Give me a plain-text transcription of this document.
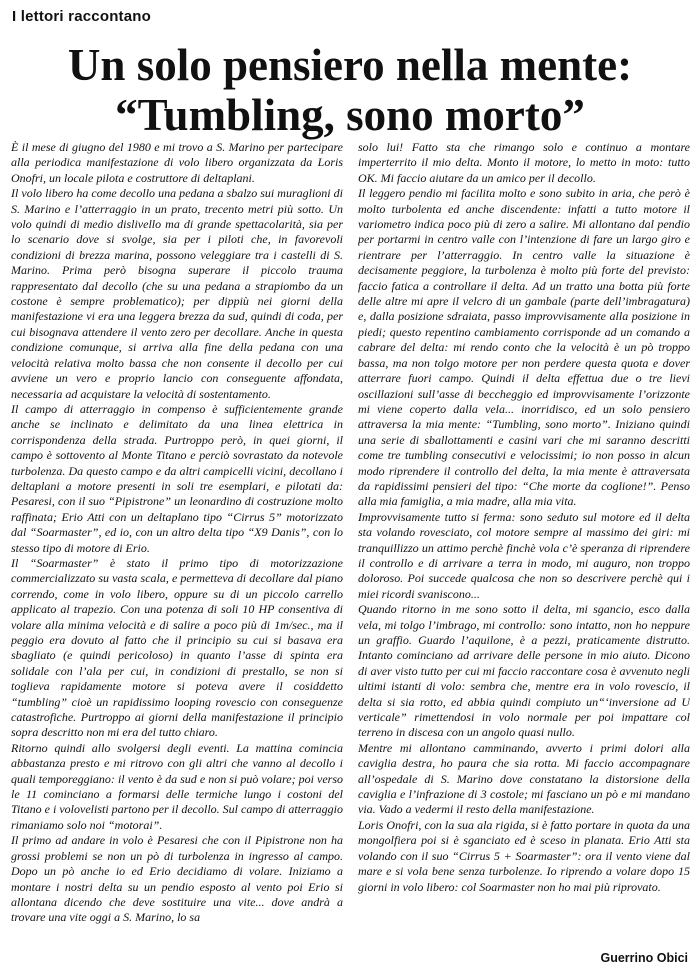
I lettori raccontano
Un solo pensiero nella mente:
“Tumbling, sono morto”

È il mese di giugno del 1980 e mi trovo a S. Marino per partecipare alla periodica manifestazione di volo libero organizzata da Loris Onofri, un locale pilota e costruttore di deltaplani.

Il volo libero ha come decollo una pedana a sbalzo sui muraglioni di S. Marino e l’atterraggio in un prato, trecento metri più sotto. Un volo quindi di medio dislivello ma di grande spettacolarità, sia per lo scenario dove si svolge, sia per i piloti che, in favorevoli condizioni di brezza marina, possono veleggiare tra i castelli di S. Marino. Prima però bisogna superare il piccolo trauma rappresentato dal decollo (che su una pedana a strapiombo da un costone è sempre problematico); per dippiù nei giorni della manifestazione vi era una leggera brezza da sud, quindi di coda, per cui bisognava attendere il vento zero per decollare. Anche in questa condizione comunque, si arriva alla fine della pedana con una velocità relativa molto bassa che non consente il decollo per cui avviene un vero e proprio lancio con conseguente affondata, necessaria ad acquistare la velocità di sostentamento.

Il campo di atterraggio in compenso è sufficientemente grande anche se inclinato e delimitato da una linea elettrica in corrispondenza della strada. Purtroppo però, in quei giorni, il campo è sottovento al Monte Titano e perciò sovrastato da notevole turbolenza. Da questo campo e da altri campicelli vicini, decollano i deltaplani a motore presenti in soli tre esemplari, e pilotati da: Pesaresi, con il suo “Pipistrone” un leonardino di costruzione molto raffinata; Erio Atti con un deltaplano tipo “Cirrus 5” motorizzato dal “Soarmaster”, ed io, con un altro delta tipo “X9 Danis”, con lo stesso tipo di motore di Erio.

Il “Soarmaster” è stato il primo tipo di motorizzazione commercializzato su vasta scala, e permetteva di decollare dal piano correndo, come in volo libero, oppure su di un piccolo carrello applicato al trapezio. Con una potenza di soli 10 HP consentiva di volare alla minima velocità e di salire a poco più di 1m/sec., ma il peggio era dovuto al fatto che il principio su cui si basava era sbagliato (e quindi pericoloso) in quanto l’asse di spinta era solidale con l’ala per cui, in condizioni di prestallo, se non si toglieva rapidamente motore si poteva avere il cosiddetto “tumbling” cioè un rapidissimo looping rovescio con conseguenze catastrofiche. Purtroppo ai giorni della manifestazione il principio sopra descritto non mi era del tutto chiaro.

Ritorno quindi allo svolgersi degli eventi. La mattina comincia abbastanza presto e mi ritrovo con gli altri che vanno al decollo i quali temporeggiano: il vento è da sud e non si può volare; poi verso le 11 cominciano a formarsi delle termiche lungo i costoni del Titano e i volovelisti partono per il decollo. Sul campo di atterraggio rimaniamo solo noi “motorai”.

Il primo ad andare in volo è Pesaresi che con il Pipistrone non ha grossi problemi se non un pò di turbolenza in ingresso al campo. Dopo un pò anche io ed Erio decidiamo di volare. Iniziamo a montare i nostri delta su un pendio esposto al vento poi Erio si allontana dicendo che deve sostituire una vite... dove andrà a trovare una vite oggi a S. Marino, lo sa

solo lui! Fatto sta che rimango solo e continuo a montare imperterrito il mio delta. Monto il motore, lo metto in moto: tutto OK. Mi faccio aiutare da un amico per il decollo.

Il leggero pendio mi facilita molto e sono subito in aria, che però è molto turbolenta ed anche discendente: infatti a tutto motore il variometro indica poco più di zero a salire. Mi allontano dal pendio per portarmi in centro valle con l’intenzione di fare un largo giro e rientrare per l’atterraggio. In centro valle la situazione è decisamente peggiore, la turbolenza è molto più forte del previsto: faccio fatica a controllare il delta. Ad un tratto una botta più forte delle altre mi apre il velcro di un gambale (parte dell’imbragatura) e, dalla posizione sdraiata, passo improvvisamente alla posizione in piedi; questo repentino cambiamento corrisponde ad un comando a cabrare del delta: mi rendo conto che la velocità è un pò troppo bassa, ma non tolgo motore per non perdere questa quota e dover atterrare fuori campo. Quindi il delta effettua due o tre lievi oscillazioni sull’asse di beccheggio ed improvvisamente l’orizzonte mi viene coperto dalla vela... inorridisco, ed un solo pensiero attraversa la mia mente: “Tumbling, sono morto”. Iniziano quindi una serie di sballottamenti e casini vari che mi saranno descritti come tre tumbling consecutivi e velocissimi; io non posso in alcun modo riprendere il controllo del delta, la mia mente è attraversata da rapidissimi pensieri del tipo: “Che morte da coglione!”. Penso alla mia famiglia, a mia madre, alla mia vita.

Improvvisamente tutto si ferma: sono seduto sul motore ed il delta sta volando rovesciato, col motore sempre al massimo dei giri: mi tranquillizzo un attimo perchè finchè vola c’è speranza di riprendere il controllo e di arrivare a terra in modo, mi auguro, non troppo doloroso. Poi succede qualcosa che non so descrivere perchè qui i miei ricordi svaniscono...

Quando ritorno in me sono sotto il delta, mi sgancio, esco dalla vela, mi tolgo l’imbrago, mi controllo: sono intatto, non ho neppure un graffio. Guardo l’aquilone, è a pezzi, praticamente distrutto. Intanto cominciano ad arrivare delle persone in mio aiuto. Dicono di aver visto tutto per cui mi faccio raccontare cosa è avvenuto negli ultimi istanti di volo: sembra che, mentre era in volo rovescio, il delta si sia rotto, ed abbia quindi compiuto un“‘inversione ad U verticale” rimettendosi in volo normale per poi impattare col terreno in discesa con un angolo quasi nullo.

Mentre mi allontano camminando, avverto i primi dolori alla caviglia destra, ho paura che sia rotta. Mi faccio accompagnare all’ospedale di S. Marino dove constatano la distorsione della caviglia e l’infrazione di 3 costole; mi fasciano un pò e mi mandano via. Vado a vedermi il resto della manifestazione.

Loris Onofri, con la sua ala rigida, si è fatto portare in quota da una mongolfiera poi si è sganciato ed è sceso in planata. Erio Atti sta volando con il suo “Cirrus 5 + Soarmaster”: ora il vento viene dal mare e si vola bene senza turbolenze. Io riprendo a volare dopo 15 giorni in volo libero: col Soarmaster non ho mai più riprovato.

Guerrino Obici
